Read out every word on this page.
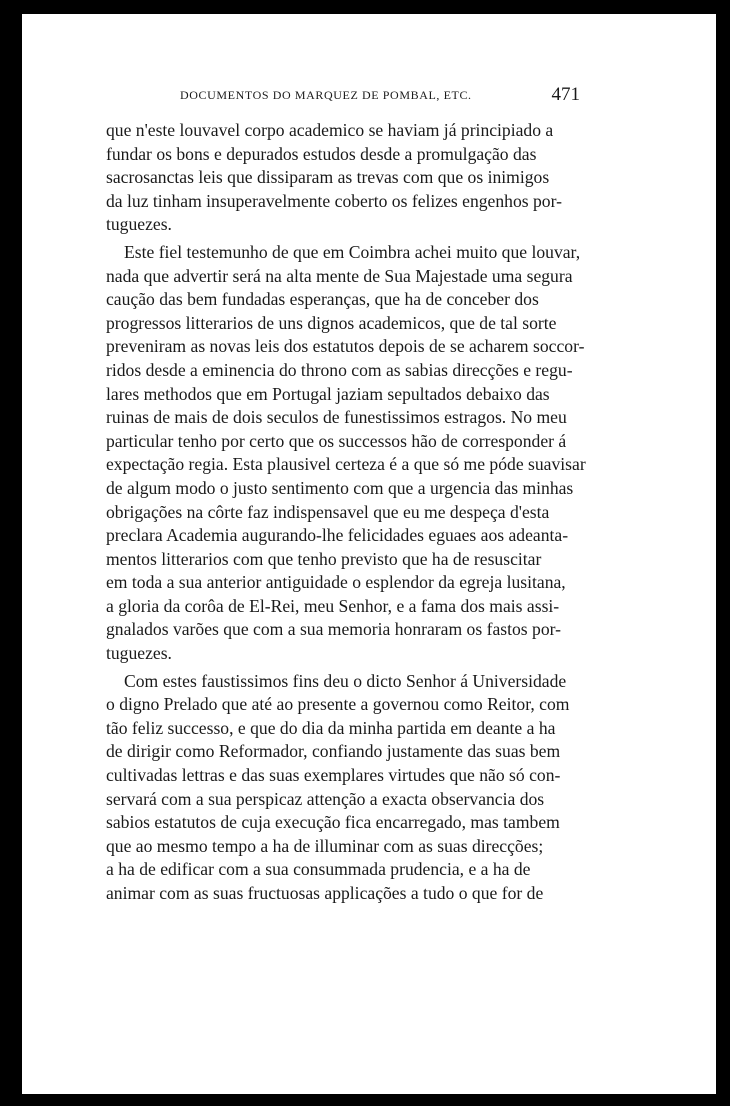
DOCUMENTOS DO MARQUEZ DE POMBAL, ETC.	471

que n'este louvavel corpo academico se haviam já principiado a
fundar os bons e depurados estudos desde a promulgação das
sacrosanctas leis que dissiparam as trevas com que os inimigos
da luz tinham insuperavelmente coberto os felizes engenhos por-
tuguezes.

Este fiel testemunho de que em Coimbra achei muito que louvar,
nada que advertir será na alta mente de Sua Majestade uma segura
caução das bem fundadas esperanças, que ha de conceber dos
progressos litterarios de uns dignos academicos, que de tal sorte
preveniram as novas leis dos estatutos depois de se acharem soccor-
ridos desde a eminencia do throno com as sabias direcções e regu-
lares methodos que em Portugal jaziam sepultados debaixo das
ruinas de mais de dois seculos de funestissimos estragos. No meu
particular tenho por certo que os successos hão de corresponder á
expectação regia. Esta plausivel certeza é a que só me póde suavisar
de algum modo o justo sentimento com que a urgencia das minhas
obrigações na côrte faz indispensavel que eu me despeça d'esta
preclara Academia augurando-lhe felicidades eguaes aos adeanta-
mentos litterarios com que tenho previsto que ha de resuscitar
em toda a sua anterior antiguidade o esplendor da egreja lusitana,
a gloria da corôa de El-Rei, meu Senhor, e a fama dos mais assi-
gnalados varões que com a sua memoria honraram os fastos por-
tuguezes.

Com estes faustissimos fins deu o dicto Senhor á Universidade
o digno Prelado que até ao presente a governou como Reitor, com
tão feliz successo, e que do dia da minha partida em deante a ha
de dirigir como Reformador, confiando justamente das suas bem
cultivadas lettras e das suas exemplares virtudes que não só con-
servará com a sua perspicaz attenção a exacta observancia dos
sabios estatutos de cuja execução fica encarregado, mas tambem
que ao mesmo tempo a ha de illuminar com as suas direcções;
a ha de edificar com a sua consummada prudencia, e a ha de
animar com as suas fructuosas applicações a tudo o que for de
